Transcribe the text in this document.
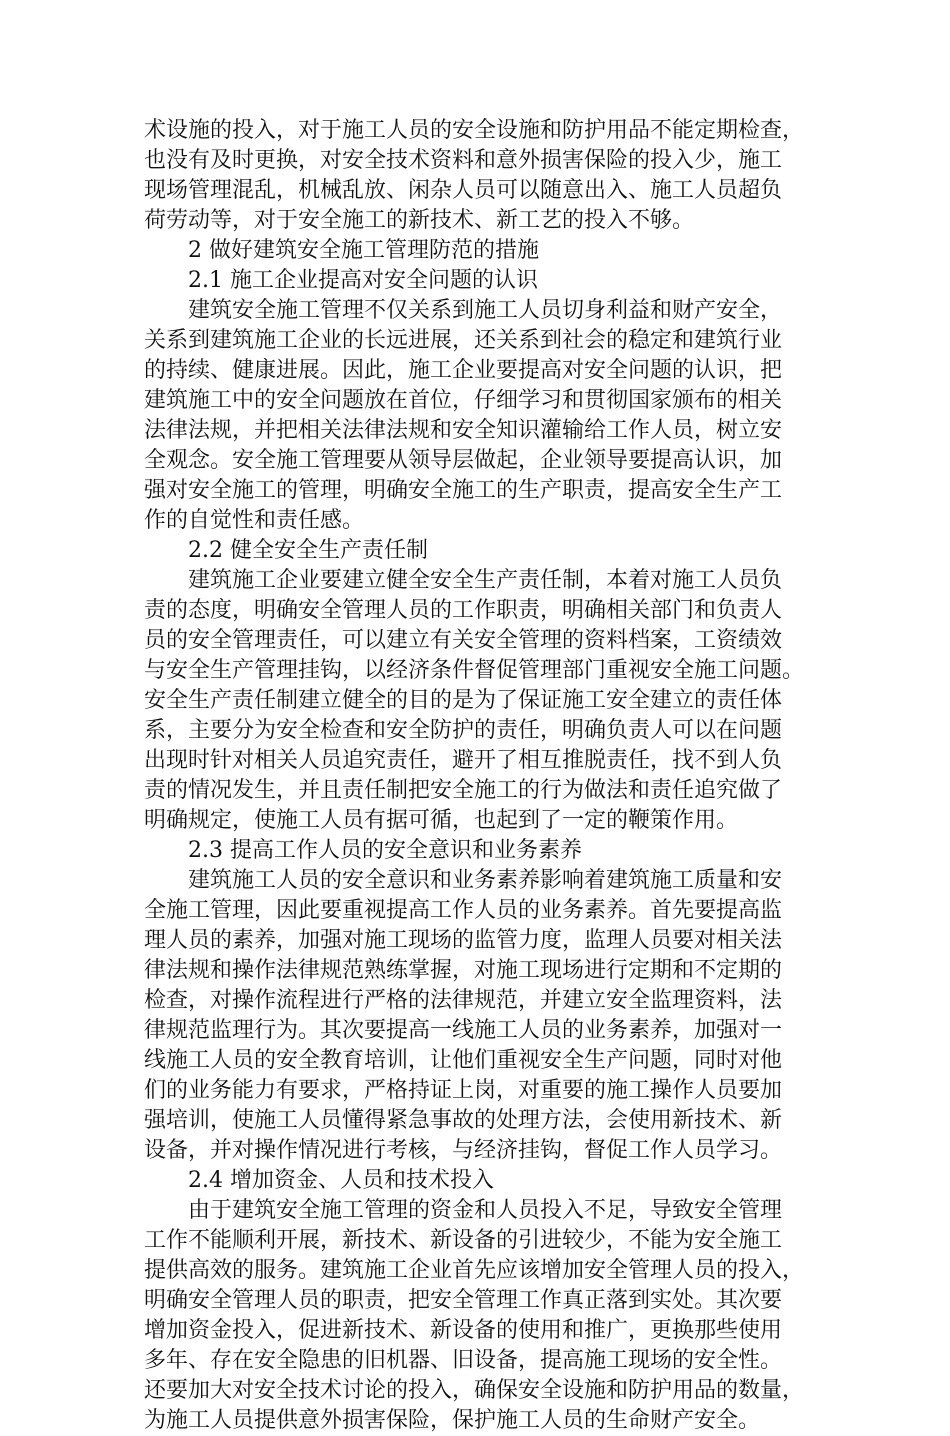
术设施的投入，对于施工人员的安全设施和防护用品不能定期检查，
也没有及时更换，对安全技术资料和意外损害保险的投入少，施工
现场管理混乱，机械乱放、闲杂人员可以随意出入、施工人员超负
荷劳动等，对于安全施工的新技术、新工艺的投入不够。
2 做好建筑安全施工管理防范的措施
2.1 施工企业提高对安全问题的认识
建筑安全施工管理不仅关系到施工人员切身利益和财产安全，
关系到建筑施工企业的长远进展，还关系到社会的稳定和建筑行业
的持续、健康进展。因此，施工企业要提高对安全问题的认识，把
建筑施工中的安全问题放在首位，仔细学习和贯彻国家颁布的相关
法律法规，并把相关法律法规和安全知识灌输给工作人员，树立安
全观念。安全施工管理要从领导层做起，企业领导要提高认识，加
强对安全施工的管理，明确安全施工的生产职责，提高安全生产工
作的自觉性和责任感。
2.2 健全安全生产责任制
建筑施工企业要建立健全安全生产责任制，本着对施工人员负
责的态度，明确安全管理人员的工作职责，明确相关部门和负责人
员的安全管理责任，可以建立有关安全管理的资料档案，工资绩效
与安全生产管理挂钩，以经济条件督促管理部门重视安全施工问题。
安全生产责任制建立健全的目的是为了保证施工安全建立的责任体
系，主要分为安全检查和安全防护的责任，明确负责人可以在问题
出现时针对相关人员追究责任，避开了相互推脱责任，找不到人负
责的情况发生，并且责任制把安全施工的行为做法和责任追究做了
明确规定，使施工人员有据可循，也起到了一定的鞭策作用。
2.3 提高工作人员的安全意识和业务素养
建筑施工人员的安全意识和业务素养影响着建筑施工质量和安
全施工管理，因此要重视提高工作人员的业务素养。首先要提高监
理人员的素养，加强对施工现场的监管力度，监理人员要对相关法
律法规和操作法律规范熟练掌握，对施工现场进行定期和不定期的
检查，对操作流程进行严格的法律规范，并建立安全监理资料，法
律规范监理行为。其次要提高一线施工人员的业务素养，加强对一
线施工人员的安全教育培训，让他们重视安全生产问题，同时对他
们的业务能力有要求，严格持证上岗，对重要的施工操作人员要加
强培训，使施工人员懂得紧急事故的处理方法，会使用新技术、新
设备，并对操作情况进行考核，与经济挂钩，督促工作人员学习。
2.4 增加资金、人员和技术投入
由于建筑安全施工管理的资金和人员投入不足，导致安全管理
工作不能顺利开展，新技术、新设备的引进较少，不能为安全施工
提供高效的服务。建筑施工企业首先应该增加安全管理人员的投入，
明确安全管理人员的职责，把安全管理工作真正落到实处。其次要
增加资金投入，促进新技术、新设备的使用和推广，更换那些使用
多年、存在安全隐患的旧机器、旧设备，提高施工现场的安全性。
还要加大对安全技术讨论的投入，确保安全设施和防护用品的数量，
为施工人员提供意外损害保险，保护施工人员的生命财产安全。
